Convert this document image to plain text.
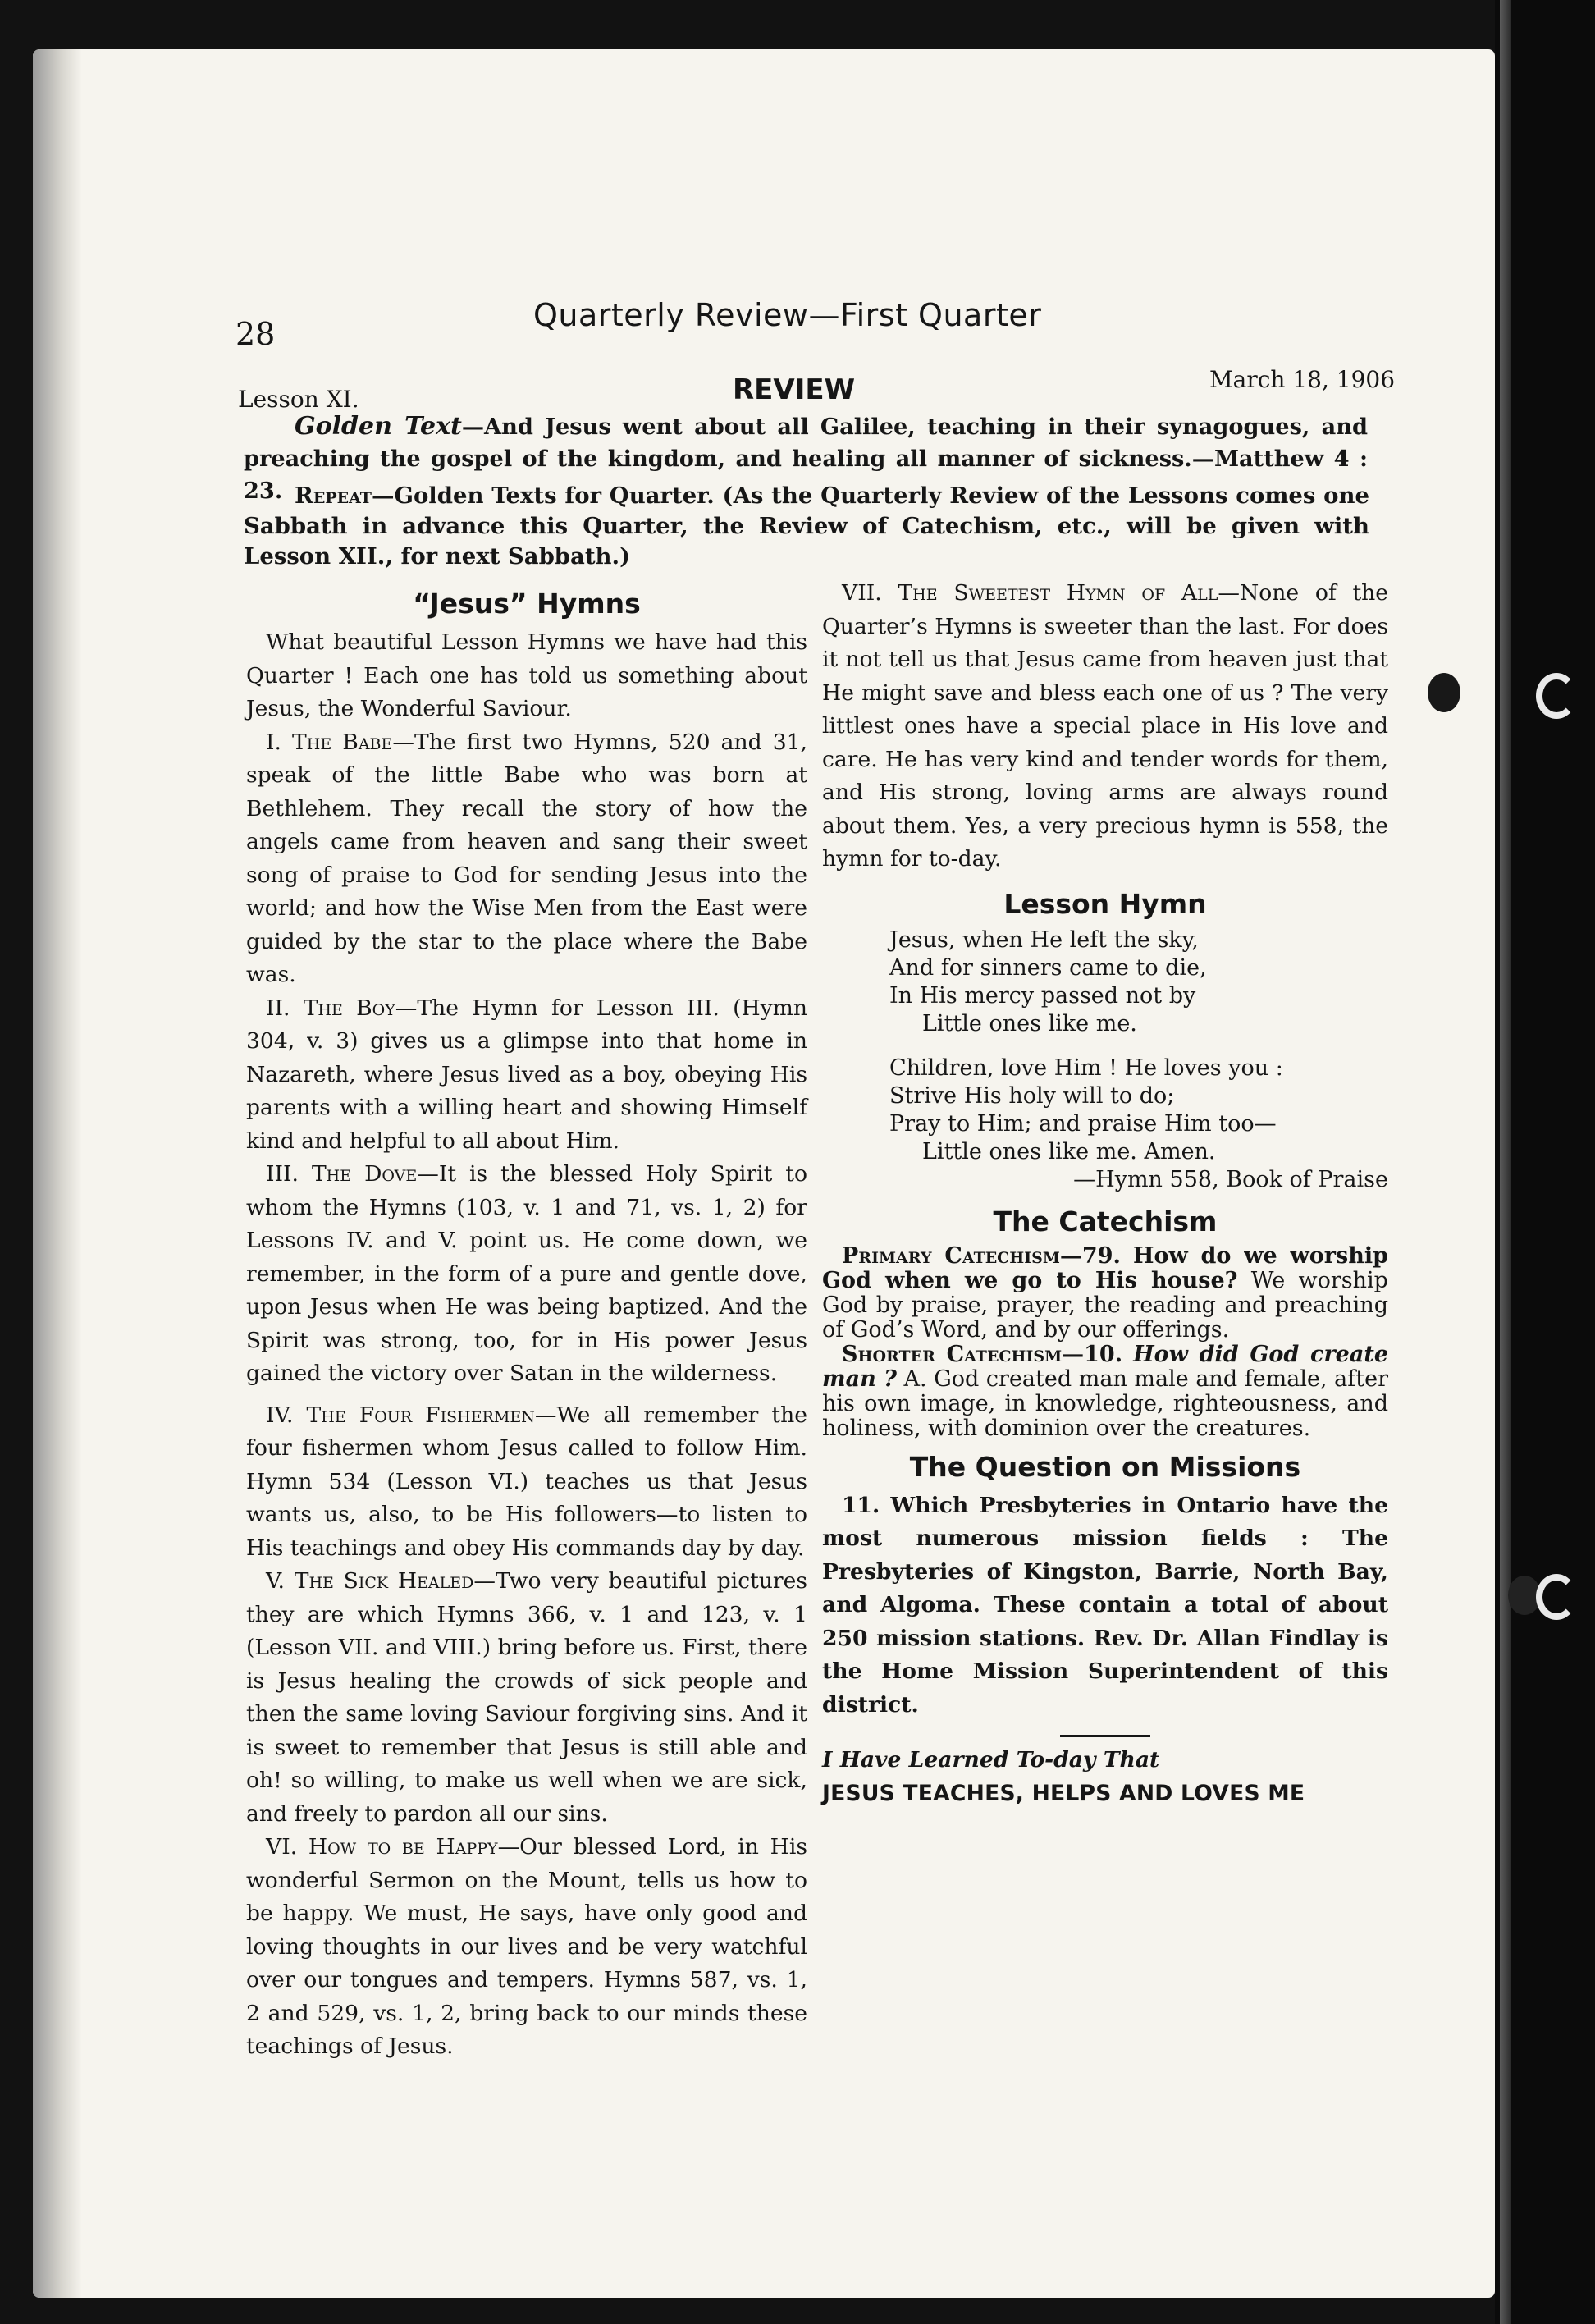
28

Quarterly Review—First Quarter

Lesson XI.	REVIEW	March 18, 1906

Golden Text—And Jesus went about all Galilee, teaching in their synagogues, and preaching the gospel of the kingdom, and healing all manner of sickness.—Matthew 4 : 23. Repeat—Golden Texts for Quarter. (As the Quarterly Review of the Lessons comes one Sabbath in advance this Quarter, the Review of Catechism, etc., will be given with Lesson XII., for next Sabbath.)

“Jesus” Hymns

What beautiful Lesson Hymns we have had this Quarter ! Each one has told us something about Jesus, the Wonderful Saviour.

I. The Babe—The first two Hymns, 520 and 31, speak of the little Babe who was born at Bethlehem. They recall the story of how the angels came from heaven and sang their sweet song of praise to God for sending Jesus into the world; and how the Wise Men from the East were guided by the star to the place where the Babe was.

II. The Boy—The Hymn for Lesson III. (Hymn 304, v. 3) gives us a glimpse into that home in Nazareth, where Jesus lived as a boy, obeying His parents with a willing heart and showing Himself kind and helpful to all about Him.

III. The Dove—It is the blessed Holy Spirit to whom the Hymns (103, v. 1 and 71, vs. 1, 2) for Lessons IV. and V. point us. He come down, we remember, in the form of a pure and gentle dove, upon Jesus when He was being baptized. And the Spirit was strong, too, for in His power Jesus gained the victory over Satan in the wilderness.

IV. The Four Fishermen—We all remember the four fishermen whom Jesus called to follow Him. Hymn 534 (Lesson VI.) teaches us that Jesus wants us, also, to be His followers—to listen to His teachings and obey His commands day by day.

V. The Sick Healed—Two very beautiful pictures they are which Hymns 366, v. 1 and 123, v. 1 (Lesson VII. and VIII.) bring before us. First, there is Jesus healing the crowds of sick people and then the same loving Saviour forgiving sins. And it is sweet to remember that Jesus is still able and oh! so willing, to make us well when we are sick, and freely to pardon all our sins.

VI. How to be Happy—Our blessed Lord, in His wonderful Sermon on the Mount, tells us how to be happy. We must, He says, have only good and loving thoughts in our lives and be very watchful over our tongues and tempers. Hymns 587, vs. 1, 2 and 529, vs. 1, 2, bring back to our minds these teachings of Jesus.

VII. The Sweetest Hymn of All—None of the Quarter’s Hymns is sweeter than the last. For does it not tell us that Jesus came from heaven just that He might save and bless each one of us ? The very littlest ones have a special place in His love and care. He has very kind and tender words for them, and His strong, loving arms are always round about them. Yes, a very precious hymn is 558, the hymn for to-day.

Lesson Hymn
Jesus, when He left the sky,
And for sinners came to die,
In His mercy passed not by
Little ones like me.
Children, love Him ! He loves you :
Strive His holy will to do;
Pray to Him; and praise Him too—
Little ones like me. Amen.
—Hymn 558, Book of Praise
The Catechism

Primary Catechism—79. How do we worship God when we go to His house? We worship God by praise, prayer, the reading and preaching of God’s Word, and by our offerings.

Shorter Catechism—10. How did God create man ? A. God created man male and female, after his own image, in knowledge, righteousness, and holiness, with dominion over the creatures.

The Question on Missions

11. Which Presbyteries in Ontario have the most numerous mission fields : The Presbyteries of Kingston, Barrie, North Bay, and Algoma. These contain a total of about 250 mission stations. Rev. Dr. Allan Findlay is the Home Mission Superintendent of this district.

I Have Learned To-day That

JESUS TEACHES, HELPS AND LOVES ME
